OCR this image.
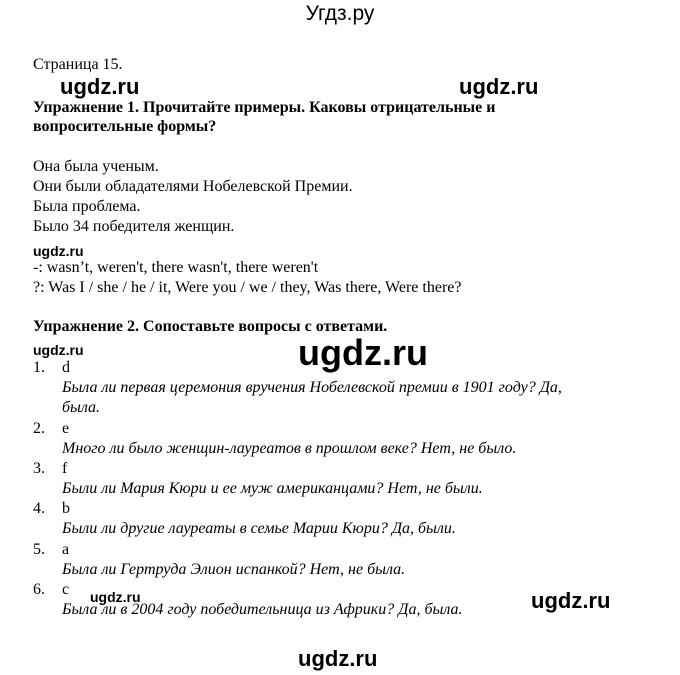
Угдз.ру
Страница 15.
ugdz.ru	ugdz.ru
Упражнение 1. Прочитайте примеры. Каковы отрицательные и
вопросительные формы?
Она была ученым.
Они были обладателями Нобелевской Премии.
Была проблема.
Было 34 победителя женщин.
ugdz.ru
-: wasn’t, weren't, there wasn't, there weren't
?: Was I / she / he / it, Were you / we / they, Was there, Were there?
Упражнение 2. Сопоставьте вопросы с ответами.
ugdz.ru	ugdz.ru
1. d
Была ли первая церемония вручения Нобелевской премии в 1901 году? Да,
была.
2. e
Много ли было женщин-лауреатов в прошлом веке? Нет, не было.
3. f
Были ли Мария Кюри и ее муж американцами? Нет, не были.
4. b
Были ли другие лауреаты в семье Марии Кюри? Да, были.
5. a
Была ли Гертруда Элион испанкой? Нет, не была.
6. c
Была ли в 2004 году победительница из Африки? Да, была.
ugdz.ru	ugdz.ru
ugdz.ru
